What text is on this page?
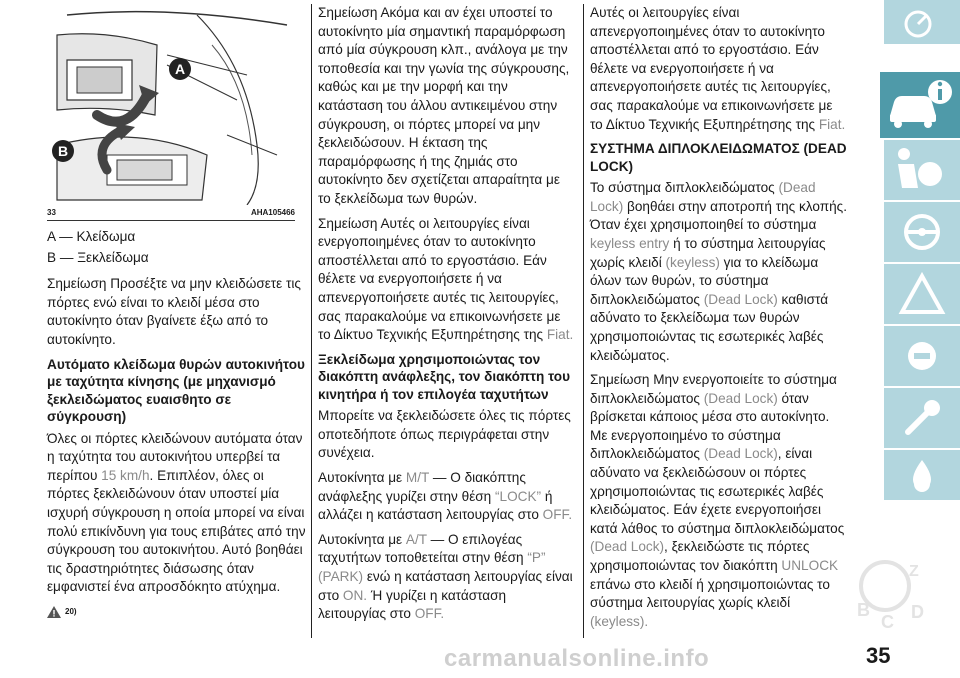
A
B
33	AHA105466

A — Κλείδωμα

B — Ξεκλείδωμα

Σημείωση Προσέξτε να μην κλειδώσετε τις πόρτες ενώ είναι το κλειδί μέσα στο αυτοκίνητο όταν βγαίνετε έξω από το αυτοκίνητο.

Αυτόματο κλείδωμα θυρών αυτοκινήτου με ταχύτητα κίνησης (με μηχανισμό ξεκλειδώματος ευαισθητο σε σύγκρουση)

Όλες οι πόρτες κλειδώνουν αυτόματα όταν η ταχύτητα του αυτοκινήτου υπερβεί τα περίπου 15 km/h. Επιπλέον, όλες οι πόρτες ξεκλειδώνουν όταν υποστεί μία ισχυρή σύγκρουση η οποία μπορεί να είναι πολύ επικίνδυνη για τους επιβάτες από την σύγκρουση του αυτοκινήτου. Αυτό βοηθάει τις δραστηριότητες διάσωσης όταν εμφανιστεί ένα απροσδόκητο ατύχημα.

20)

Σημείωση Ακόμα και αν έχει υποστεί το αυτοκίνητο μία σημαντική παραμόρφωση από μία σύγκρουση κλπ., ανάλογα με την τοποθεσία και την γωνία της σύγκρουσης, καθώς και με την μορφή και την κατάσταση του άλλου αντικειμένου στην σύγκρουση, οι πόρτες μπορεί να μην ξεκλειδώσουν. Η έκταση της παραμόρφωσης ή της ζημιάς στο αυτοκίνητο δεν σχετίζεται απαραίτητα με το ξεκλείδωμα των θυρών.

Σημείωση Αυτές οι λειτουργίες είναι ενεργοποιημένες όταν το αυτοκίνητο αποστέλλεται από το εργοστάσιο. Εάν θέλετε να ενεργοποιήσετε ή να απενεργοποιήσετε αυτές τις λειτουργίες, σας παρακαλούμε να επικοινωνήσετε με το Δίκτυο Τεχνικής Εξυπηρέτησης της Fiat.

Ξεκλείδωμα χρησιμοποιώντας τον διακόπτη ανάφλεξης, τον διακόπτη του κινητήρα ή τον επιλογέα ταχυτήτων

Μπορείτε να ξεκλειδώσετε όλες τις πόρτες οποτεδήποτε όπως περιγράφεται στην συνέχεια.

Αυτοκίνητα με M/T — Ο διακόπτης ανάφλεξης γυρίζει στην θέση “LOCK” ή αλλάζει η κατάσταση λειτουργίας στο OFF.

Αυτοκίνητα με A/T — Ο επιλογέας ταχυτήτων τοποθετείται στην θέση “P” (PARK) ενώ η κατάσταση λειτουργίας είναι στο ON. Ή γυρίζει η κατάσταση λειτουργίας στο OFF.

Αυτές οι λειτουργίες είναι απενεργοποιημένες όταν το αυτοκίνητο αποστέλλεται από το εργοστάσιο. Εάν θέλετε να ενεργοποιήσετε ή να απενεργοποιήσετε αυτές τις λειτουργίες, σας παρακαλούμε να επικοινωνήσετε με το Δίκτυο Τεχνικής Εξυπηρέτησης της Fiat.

ΣΥΣΤΗΜΑ ΔΙΠΛΟΚΛΕΙΔΩΜΑΤΟΣ (DEAD LOCK)

Το σύστημα διπλοκλειδώματος (Dead Lock) βοηθάει στην αποτροπή της κλοπής. Όταν έχει χρησιμοποιηθεί το σύστημα keyless entry ή το σύστημα λειτουργίας χωρίς κλειδί (keyless) για το κλείδωμα όλων των θυρών, το σύστημα διπλοκλειδώματος (Dead Lock) καθιστά αδύνατο το ξεκλείδωμα των θυρών χρησιμοποιώντας τις εσωτερικές λαβές κλειδώματος.

Σημείωση Μην ενεργοποιείτε το σύστημα διπλοκλειδώματος (Dead Lock) όταν βρίσκεται κάποιος μέσα στο αυτοκίνητο. Με ενεργοποιημένο το σύστημα διπλοκλειδώματος (Dead Lock), είναι αδύνατο να ξεκλειδώσουν οι πόρτες χρησιμοποιώντας τις εσωτερικές λαβές κλειδώματος. Εάν έχετε ενεργοποιήσει κατά λάθος το σύστημα διπλοκλειδώματος (Dead Lock), ξεκλειδώστε τις πόρτες χρησιμοποιώντας τον διακόπτη UNLOCK επάνω στο κλειδί ή χρησιμοποιώντας το σύστημα λειτουργίας χωρίς κλειδί (keyless).

B
C D
Z
carmanualsonline.info	35
